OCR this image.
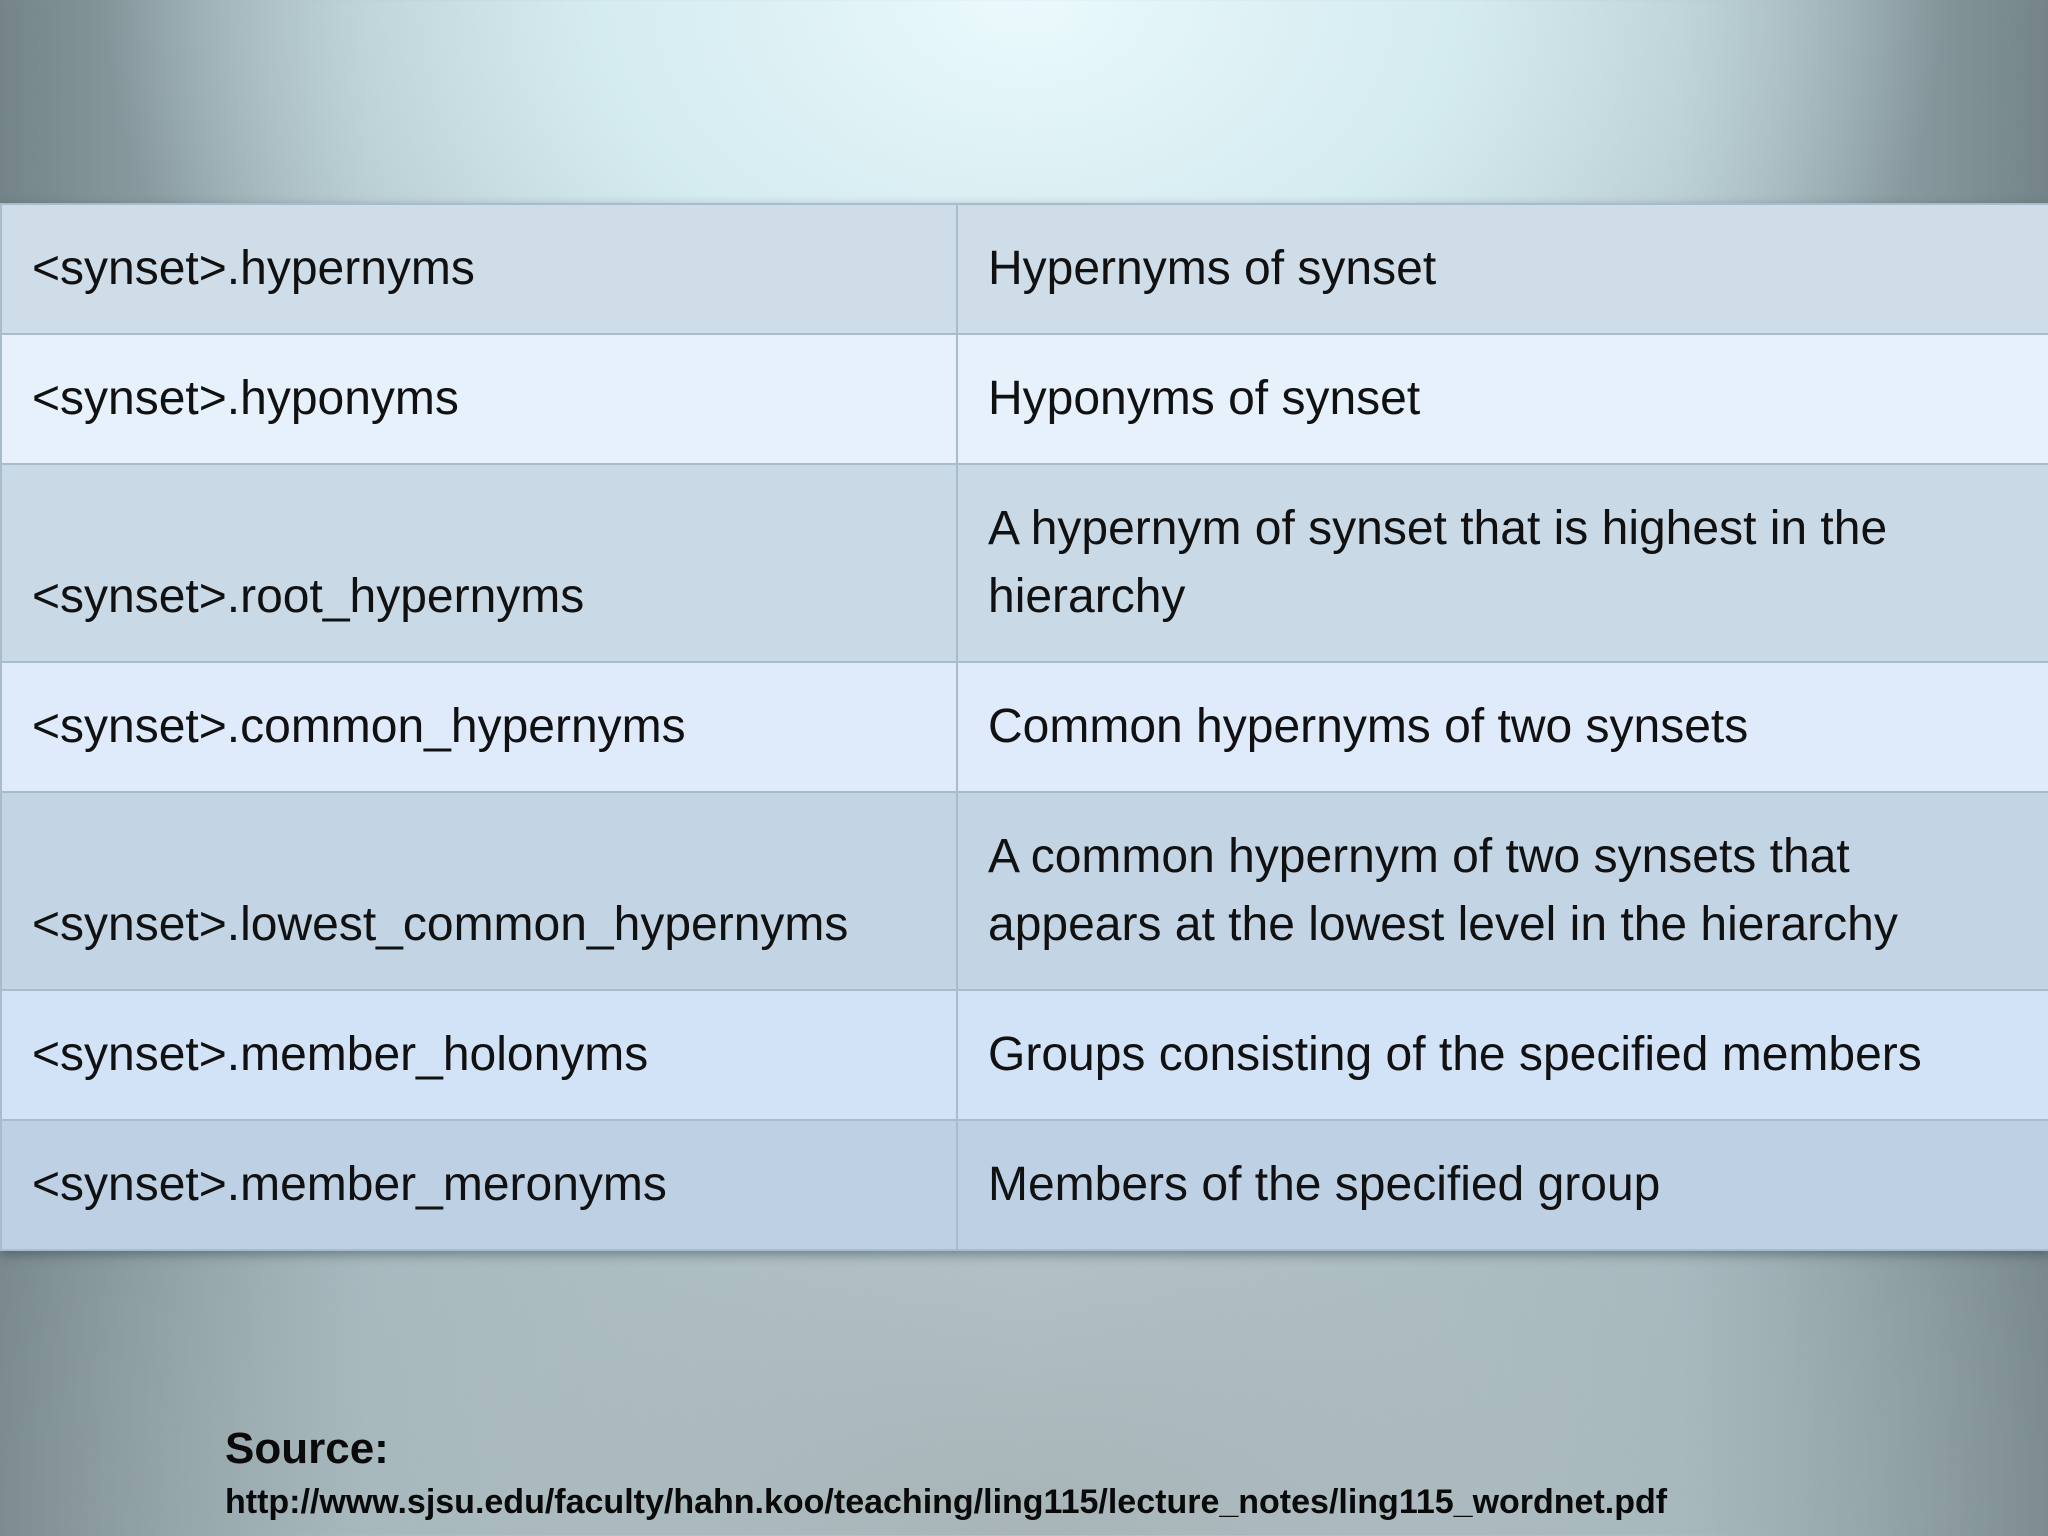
<synset>.hypernyms	Hypernyms of synset
<synset>.hyponyms	Hyponyms of synset
<synset>.root_hypernyms	A hypernym of synset that is highest in the hierarchy
<synset>.common_hypernyms	Common hypernyms of two synsets
<synset>.lowest_common_hypernyms	A common hypernym of two synsets that appears at the lowest level in the hierarchy
<synset>.member_holonyms	Groups consisting of the specified members
<synset>.member_meronyms	Members of the specified group
Source:
http://www.sjsu.edu/faculty/hahn.koo/teaching/ling115/lecture_notes/ling115_wordnet.pdf
